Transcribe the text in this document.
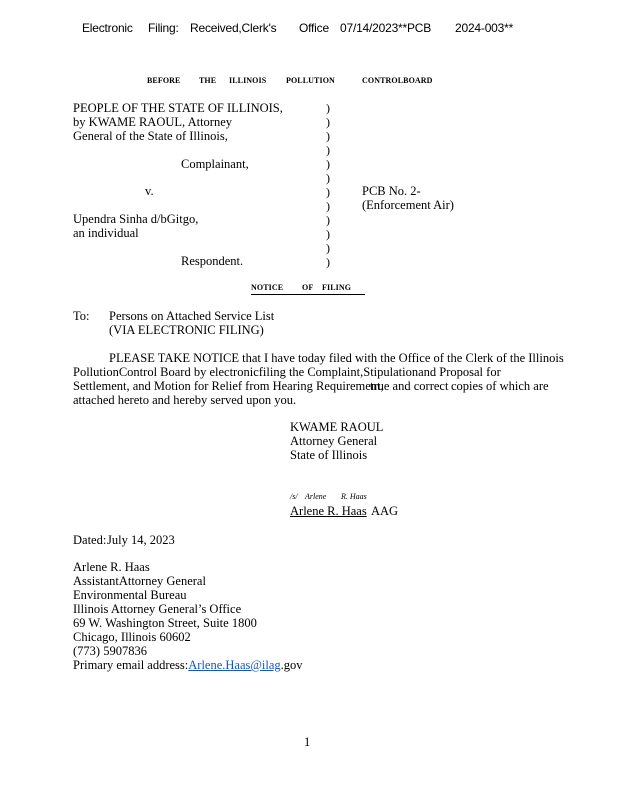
Electronic Filing: Received,Clerk's Office 07/14/2023**PCB 2024-003**
BEFORE THE ILLINOIS POLLUTION	CONTROLBOARD
PEOPLE OF THE STATE OF ILLINOIS,
by KWAME RAOUL, Attorney
General of the State of Illinois,
Complainant,
v.
Upendra Sinha d/bGitgo,
an individual
Respondent.
)
)
)
)
)
)
)
)
)
)
)
)
PCB No. 2-
(Enforcement Air)
NOTICE OF FILING
To: Persons on Attached Service List
(VIA ELECTRONIC FILING)
PLEASE TAKE NOTICE that I have today filed with the Office of the Clerk of the Illinois
PollutionControl Board by electronicfiling the Complaint,Stipulationand Proposal for
Settlement, and Motion for Relief from Hearing Requirement,
true and correct copies of which are
attached hereto and hereby served upon you.
KWAME RAOUL
Attorney General
State of Illinois
/s/ Arlene R. Haas
Arlene R. Haas AAG
Dated: July 14, 2023
Arlene R. Haas
AssistantAttorney General
Environmental Bureau
Illinois Attorney General’s Office
69 W. Washington Street, Suite 1800
Chicago, Illinois 60602
(773) 5907836
Primary email address:Arlene.Haas@ilag.gov
1
